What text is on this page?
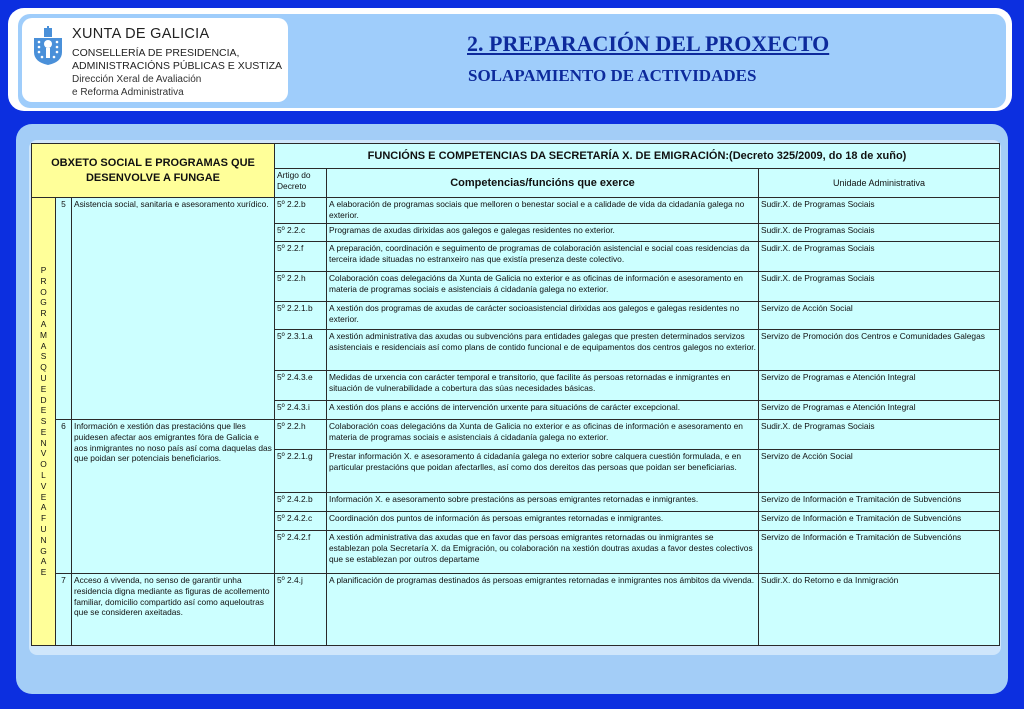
XUNTA DE GALICIA
CONSELLERÍA DE PRESIDENCIA,
ADMINISTRACIÓNS PÚBLICAS E XUSTIZA
Dirección Xeral de Avaliación
e Reforma Administrativa
2. PREPARACIÓN DEL PROXECTO
SOLAPAMIENTO DE ACTIVIDADES
OBXETO SOCIAL E PROGRAMAS QUE DESENVOLVE A FUNGAE			FUNCIÓNS E COMPETENCIAS DA SECRETARÍA X. DE EMIGRACIÓN:(Decreto 325/2009, do 18 de xuño)		
			Artigo do Decreto	Competencias/funcións que exerce	Unidade Administrativa
PROGRAMASQUEDESENVOLVEAFUNGAE	5	Asistencia social, sanitaria e asesoramento xurídico.	5º 2.2.b	A elaboración de programas sociais que melloren o benestar social e a calidade de vida da cidadanía galega no exterior.	Sudir.X. de Programas Sociais
			5º 2.2.c	Programas de axudas dirixidas aos galegos e galegas residentes no exterior.	Sudir.X. de Programas Sociais
			5º 2.2.f	A preparación, coordinación e seguimento de programas de colaboración asistencial e social coas residencias da terceira idade situadas no estranxeiro nas que existía presenza deste colectivo.	Sudir.X. de Programas Sociais
			5º 2.2.h	Colaboración coas delegacións da Xunta de Galicia no exterior e as oficinas de información e asesoramento en materia de programas sociais e asistenciais á cidadanía galega no exterior.	Sudir.X. de Programas Sociais
			5º 2.2.1.b	A xestión dos programas de axudas de carácter socioasistencial dirixidas aos galegos e galegas residentes no exterior.	Servizo de Acción Social
			5º 2.3.1.a	A xestión administrativa das axudas ou subvencións para entidades galegas que presten determinados servizos asistenciais e residenciais así como plans de contido funcional e de equipamentos dos centros galegos no exterior.	Servizo de Promoción dos Centros e Comunidades Galegas
			5º 2.4.3.e	Medidas de urxencia con carácter temporal e transitorio, que facilite ás persoas retornadas e inmigrantes en situación de vulnerabilidade a cobertura das súas necesidades básicas.	Servizo de Programas e Atención Integral
			5º 2.4.3.i	A xestión dos plans e accións de intervención urxente para situacións de carácter excepcional.	Servizo de Programas e Atención Integral
	6	Información e xestión das prestacións que lles puidesen afectar aos emigrantes fóra de Galicia e aos inmigrantes no noso país así coma daquelas das que poidan ser potenciais beneficiarios.	5º 2.2.h	Colaboración coas delegacións da Xunta de Galicia no exterior e as oficinas de información e asesoramento en materia de programas sociais e asistenciais á cidadanía galega no exterior.	Sudir.X. de Programas Sociais
			5º 2.2.1.g	Prestar información X. e asesoramento á cidadanía galega no exterior sobre calquera cuestión formulada, e en particular prestacións que poidan afectarlles, así como dos dereitos das persoas que poidan ser beneficiarias.	Servizo de Acción Social
			5º 2.4.2.b	Información X. e asesoramento sobre prestacións as persoas emigrantes retornadas e inmigrantes.	Servizo de Información e Tramitación de Subvencións
			5º 2.4.2.c	Coordinación dos puntos de información ás persoas emigrantes retornadas e inmigrantes.	Servizo de Información e Tramitación de Subvencións
			5º 2.4.2.f	A xestión administrativa das axudas que en favor das persoas emigrantes retornadas ou inmigrantes se establezan pola Secretaría X. da Emigración, ou colaboración na xestión doutras axudas a favor destes colectivos que se establezan por outros departame	Servizo de Información e Tramitación de Subvencións
	7	Acceso á vivenda, no senso de garantir unha residencia digna mediante as figuras de acollemento familiar, domicilio compartido así como aqueloutras que se consideren axeitadas.	5º 2.4.j	A planificación de programas destinados ás persoas emigrantes retornadas e inmigrantes nos ámbitos da vivenda.	Sudir.X. do Retorno e da Inmigración
